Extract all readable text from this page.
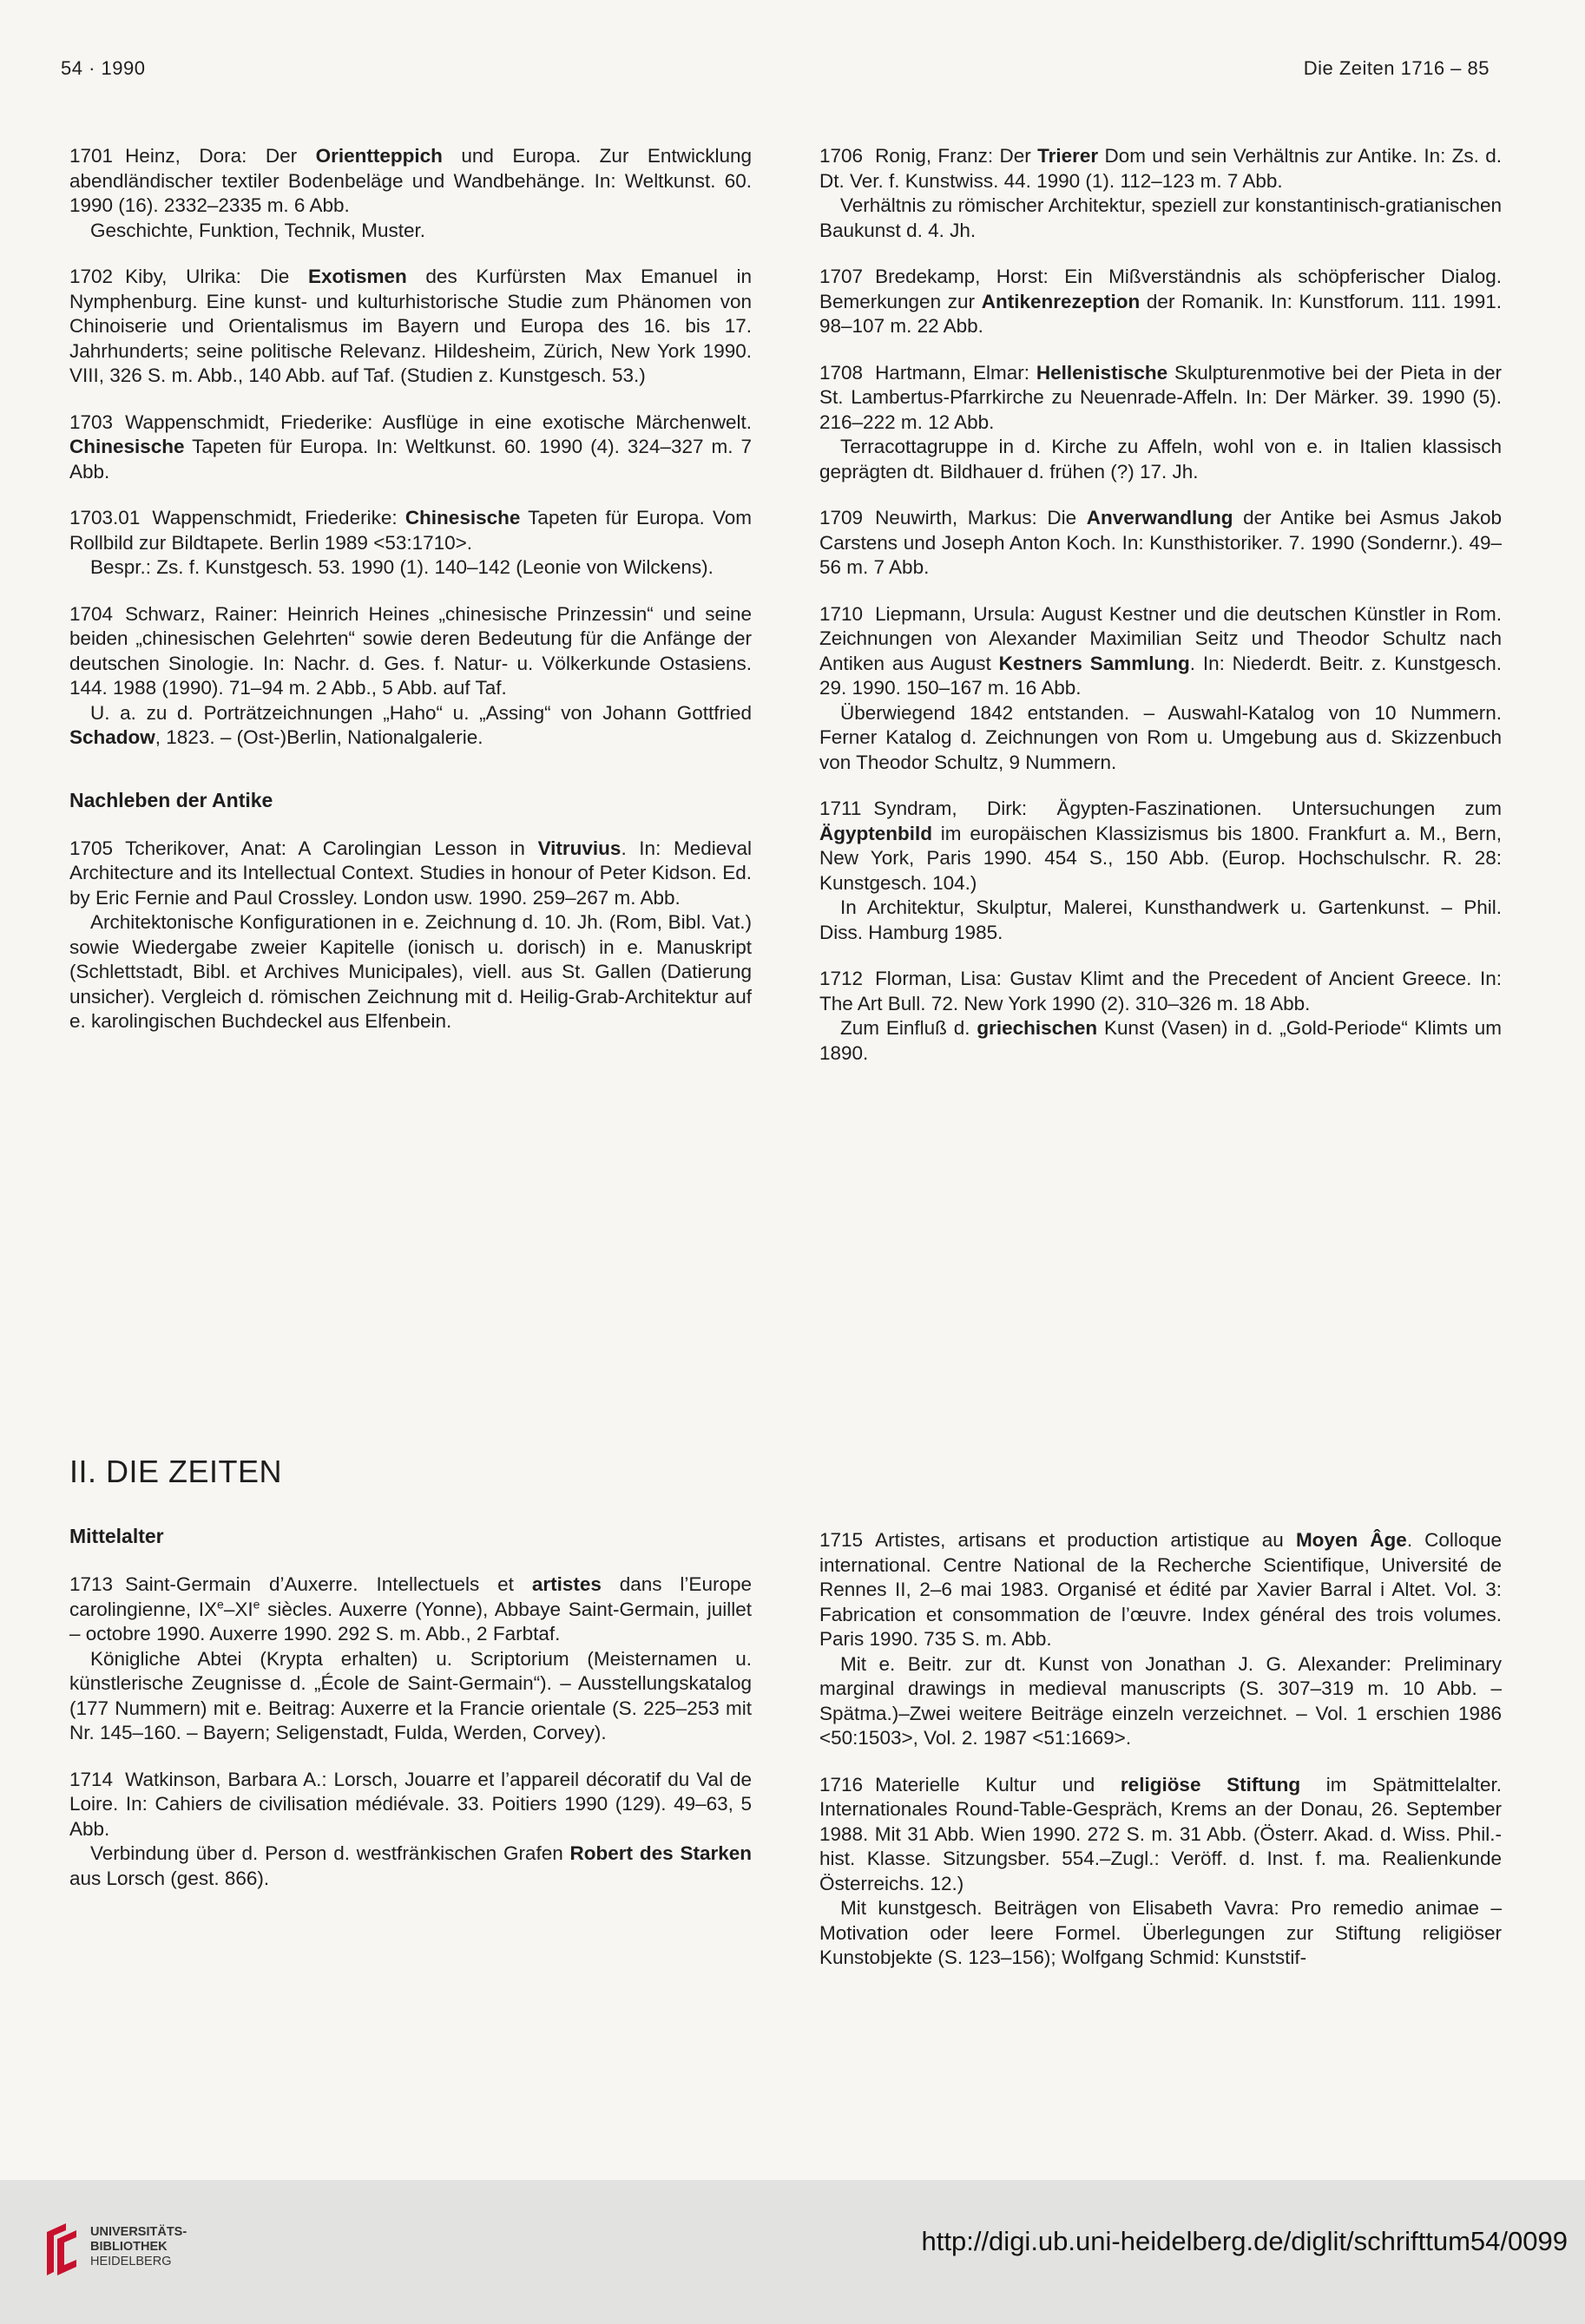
54 · 1990	Die Zeiten 1716 – 85

1701 Heinz, Dora: Der Orientteppich und Europa. Zur Entwicklung abendländischer textiler Bodenbeläge und Wandbehänge. In: Weltkunst. 60. 1990 (16). 2332–2335 m. 6 Abb.

Geschichte, Funktion, Technik, Muster.

1702 Kiby, Ulrika: Die Exotismen des Kurfürsten Max Emanuel in Nymphenburg. Eine kunst- und kulturhistorische Studie zum Phänomen von Chinoiserie und Orientalismus im Bayern und Europa des 16. bis 17. Jahrhunderts; seine politische Relevanz. Hildesheim, Zürich, New York 1990. VIII, 326 S. m. Abb., 140 Abb. auf Taf. (Studien z. Kunstgesch. 53.)

1703 Wappenschmidt, Friederike: Ausflüge in eine exotische Märchenwelt. Chinesische Tapeten für Europa. In: Weltkunst. 60. 1990 (4). 324–327 m. 7 Abb.

1703.01 Wappenschmidt, Friederike: Chinesische Tapeten für Europa. Vom Rollbild zur Bildtapete. Berlin 1989 <53:1710>.

Bespr.: Zs. f. Kunstgesch. 53. 1990 (1). 140–142 (Leonie von Wilckens).

1704 Schwarz, Rainer: Heinrich Heines „chinesische Prinzessin“ und seine beiden „chinesischen Gelehrten“ sowie deren Bedeutung für die Anfänge der deutschen Sinologie. In: Nachr. d. Ges. f. Natur- u. Völkerkunde Ostasiens. 144. 1988 (1990). 71–94 m. 2 Abb., 5 Abb. auf Taf.

U. a. zu d. Porträtzeichnungen „Haho“ u. „Assing“ von Johann Gottfried Schadow, 1823. – (Ost-)Berlin, Nationalgalerie.

Nachleben der Antike

1705 Tcherikover, Anat: A Carolingian Lesson in Vitruvius. In: Medieval Architecture and its Intellectual Context. Studies in honour of Peter Kidson. Ed. by Eric Fernie and Paul Crossley. London usw. 1990. 259–267 m. Abb.

Architektonische Konfigurationen in e. Zeichnung d. 10. Jh. (Rom, Bibl. Vat.) sowie Wiedergabe zweier Kapitelle (ionisch u. dorisch) in e. Manuskript (Schlettstadt, Bibl. et Archives Municipales), viell. aus St. Gallen (Datierung unsicher). Vergleich d. römischen Zeichnung mit d. Heilig-Grab-Architektur auf e. karolingischen Buchdeckel aus Elfenbein.

II. DIE ZEITEN
Mittelalter

1713 Saint-Germain d’Auxerre. Intellectuels et artistes dans l’Europe carolingienne, IXe–XIe siècles. Auxerre (Yonne), Abbaye Saint-Germain, juillet – octobre 1990. Auxerre 1990. 292 S. m. Abb., 2 Farbtaf.

Königliche Abtei (Krypta erhalten) u. Scriptorium (Meisternamen u. künstlerische Zeugnisse d. „École de Saint-Germain“). – Ausstellungskatalog (177 Nummern) mit e. Beitrag: Auxerre et la Francie orientale (S. 225–253 mit Nr. 145–160. – Bayern; Seligenstadt, Fulda, Werden, Corvey).

1714 Watkinson, Barbara A.: Lorsch, Jouarre et l’appareil décoratif du Val de Loire. In: Cahiers de civilisation médiévale. 33. Poitiers 1990 (129). 49–63, 5 Abb.

Verbindung über d. Person d. westfränkischen Grafen Robert des Starken aus Lorsch (gest. 866).

1706 Ronig, Franz: Der Trierer Dom und sein Verhältnis zur Antike. In: Zs. d. Dt. Ver. f. Kunstwiss. 44. 1990 (1). 112–123 m. 7 Abb.

Verhältnis zu römischer Architektur, speziell zur konstantinisch-gratianischen Baukunst d. 4. Jh.

1707 Bredekamp, Horst: Ein Mißverständnis als schöpferischer Dialog. Bemerkungen zur Antikenrezeption der Romanik. In: Kunstforum. 111. 1991. 98–107 m. 22 Abb.

1708 Hartmann, Elmar: Hellenistische Skulpturenmotive bei der Pieta in der St. Lambertus-Pfarrkirche zu Neuenrade-Affeln. In: Der Märker. 39. 1990 (5). 216–222 m. 12 Abb.

Terracottagruppe in d. Kirche zu Affeln, wohl von e. in Italien klassisch geprägten dt. Bildhauer d. frühen (?) 17. Jh.

1709 Neuwirth, Markus: Die Anverwandlung der Antike bei Asmus Jakob Carstens und Joseph Anton Koch. In: Kunsthistoriker. 7. 1990 (Sondernr.). 49–56 m. 7 Abb.

1710 Liepmann, Ursula: August Kestner und die deutschen Künstler in Rom. Zeichnungen von Alexander Maximilian Seitz und Theodor Schultz nach Antiken aus August Kestners Sammlung. In: Niederdt. Beitr. z. Kunstgesch. 29. 1990. 150–167 m. 16 Abb.

Überwiegend 1842 entstanden. – Auswahl-Katalog von 10 Nummern. Ferner Katalog d. Zeichnungen von Rom u. Umgebung aus d. Skizzenbuch von Theodor Schultz, 9 Nummern.

1711 Syndram, Dirk: Ägypten-Faszinationen. Untersuchungen zum Ägyptenbild im europäischen Klassizismus bis 1800. Frankfurt a. M., Bern, New York, Paris 1990. 454 S., 150 Abb. (Europ. Hochschulschr. R. 28: Kunstgesch. 104.)

In Architektur, Skulptur, Malerei, Kunsthandwerk u. Gartenkunst. – Phil. Diss. Hamburg 1985.

1712 Florman, Lisa: Gustav Klimt and the Precedent of Ancient Greece. In: The Art Bull. 72. New York 1990 (2). 310–326 m. 18 Abb.

Zum Einfluß d. griechischen Kunst (Vasen) in d. „Gold-Periode“ Klimts um 1890.

1715 Artistes, artisans et production artistique au Moyen Âge. Colloque international. Centre National de la Recherche Scientifique, Université de Rennes II, 2–6 mai 1983. Organisé et édité par Xavier Barral i Altet. Vol. 3: Fabrication et consommation de l’œuvre. Index général des trois volumes. Paris 1990. 735 S. m. Abb.

Mit e. Beitr. zur dt. Kunst von Jonathan J. G. Alexander: Preliminary marginal drawings in medieval manuscripts (S. 307–319 m. 10 Abb. – Spätma.)–Zwei weitere Beiträge einzeln verzeichnet. – Vol. 1 erschien 1986 <50:1503>, Vol. 2. 1987 <51:1669>.

1716 Materielle Kultur und religiöse Stiftung im Spätmittelalter. Internationales Round-Table-Gespräch, Krems an der Donau, 26. September 1988. Mit 31 Abb. Wien 1990. 272 S. m. 31 Abb. (Österr. Akad. d. Wiss. Phil.-hist. Klasse. Sitzungsber. 554.–Zugl.: Veröff. d. Inst. f. ma. Realienkunde Österreichs. 12.)

Mit kunstgesch. Beiträgen von Elisabeth Vavra: Pro remedio animae – Motivation oder leere Formel. Überlegungen zur Stiftung religiöser Kunstobjekte (S. 123–156); Wolfgang Schmid: Kunststif-

UNIVERSITÄTS-
BIBLIOTHEK
HEIDELBERG
http://digi.ub.uni-heidelberg.de/diglit/schrifttum54/0099
